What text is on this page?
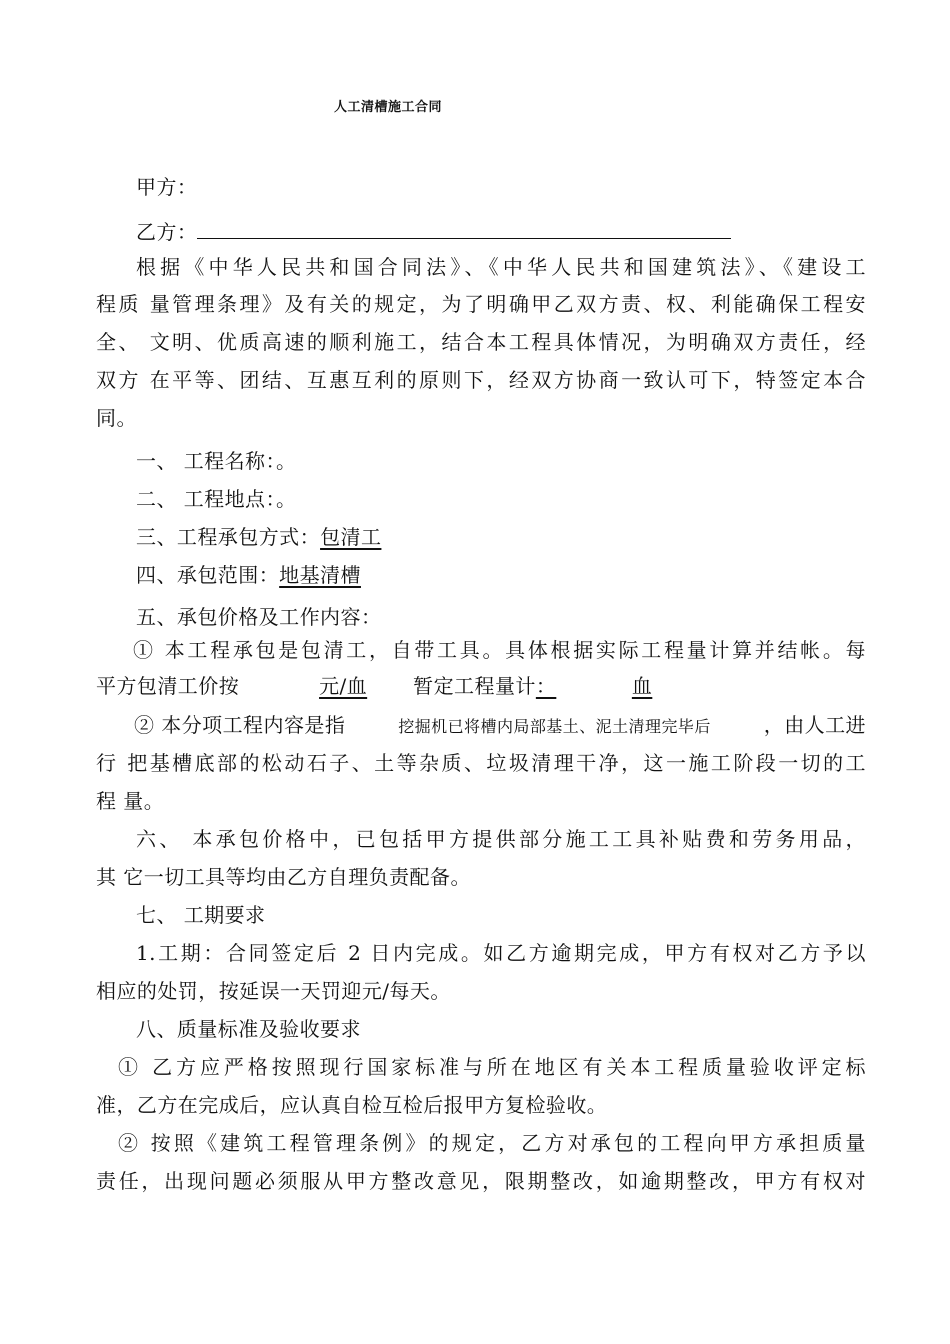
人工清槽施工合同
甲方：
乙方：
根据《中华人民共和国合同法》、《中华人民共和国建筑法》、《建设工
程质 量管理条理》及有关的规定，为了明确甲乙双方责、权、利能确保工程安
全、 文明、优质高速的顺利施工，结合本工程具体情况，为明确双方责任，经
双方 在平等、团结、互惠互利的原则下，经双方协商一致认可下，特签定本合
同。
一、 工程名称：。
二、 工程地点：。
三、工程承包方式：包清工
四、承包范围：地基清槽
五、承包价格及工作内容：
① 本工程承包是包清工，自带工具。具体根据实际工程量计算并结帐。每
平方包清工价按	元/血 暂定工程量计：	血
② 本分项工程内容是指	挖掘机已将槽内局部基土、泥土清理完毕后	，由人工进
行 把基槽底部的松动石子、土等杂质、垃圾清理干净，这一施工阶段一切的工
程 量。
六、 本承包价格中，已包括甲方提供部分施工工具补贴费和劳务用品，
其 它一切工具等均由乙方自理负责配备。
七、 工期要求
1.工期：合同签定后 2 日内完成。如乙方逾期完成，甲方有权对乙方予以
相应的处罚，按延误一天罚迎元/每天。
八、质量标准及验收要求
① 乙方应严格按照现行国家标准与所在地区有关本工程质量验收评定标
准，乙方在完成后，应认真自检互检后报甲方复检验收。
② 按照《建筑工程管理条例》的规定，乙方对承包的工程向甲方承担质量
责任，出现问题必须服从甲方整改意见，限期整改，如逾期整改，甲方有权对
